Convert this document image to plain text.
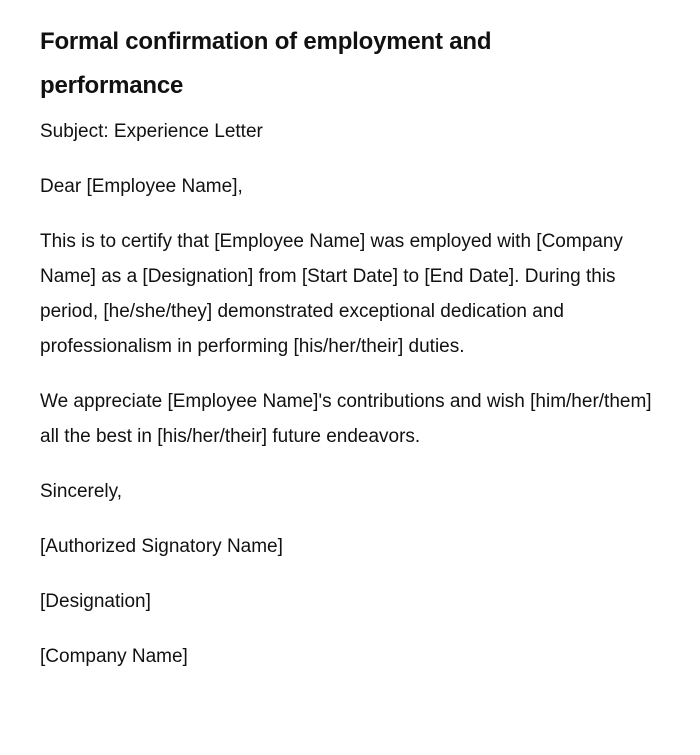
Formal confirmation of employment and performance

Subject: Experience Letter

Dear [Employee Name],

This is to certify that [Employee Name] was employed with [Company Name] as a [Designation] from [Start Date] to [End Date]. During this period, [he/she/they] demonstrated exceptional dedication and professionalism in performing [his/her/their] duties.

We appreciate [Employee Name]'s contributions and wish [him/her/them] all the best in [his/her/their] future endeavors.

Sincerely,

[Authorized Signatory Name]

[Designation]

[Company Name]
